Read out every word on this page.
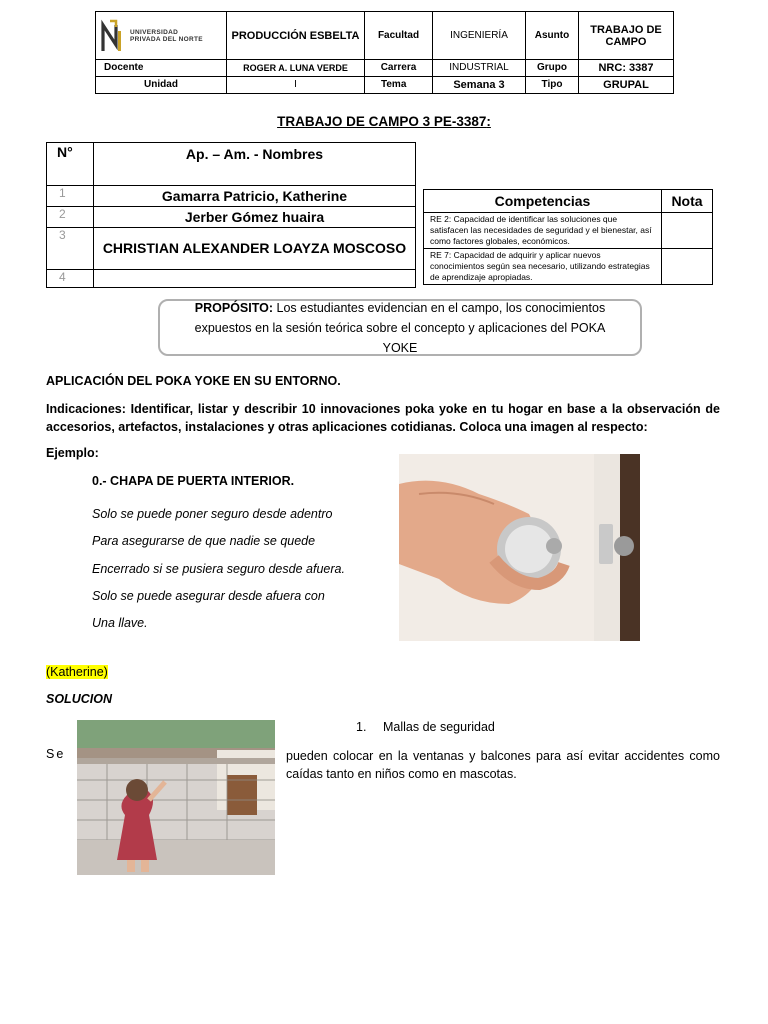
UNIVERSIDAD
PRIVADA DEL NORTE	PRODUCCIÓN ESBELTA	Facultad	INGENIERÍA	Asunto	TRABAJO DE CAMPO
Docente	ROGER A. LUNA VERDE	Carrera	INDUSTRIAL	Grupo	NRC: 3387
Unidad	I	Tema	Semana 3	Tipo	GRUPAL
TRABAJO DE CAMPO 3 PE-3387:
N°	Ap. – Am. - Nombres
1	Gamarra Patricio, Katherine
2	Jerber Gómez huaira
3	CHRISTIAN ALEXANDER LOAYZA MOSCOSO
4	
Competencias	Nota
RE 2: Capacidad de identificar las soluciones que satisfacen las necesidades de seguridad y el bienestar, así como factores globales, económicos.	
RE 7: Capacidad de adquirir y aplicar nuevos conocimientos según sea necesario, utilizando estrategias de aprendizaje apropiadas.	
PROPÓSITO: Los estudiantes evidencian en el campo, los conocimientos expuestos en la sesión teórica sobre el concepto y aplicaciones del POKA YOKE
APLICACIÓN DEL POKA YOKE EN SU ENTORNO.
Indicaciones: Identificar, listar y describir 10 innovaciones poka yoke en tu hogar en base a la observación de accesorios, artefactos, instalaciones y otras aplicaciones cotidianas. Coloca una imagen al respecto:
Ejemplo:
0.- CHAPA DE PUERTA INTERIOR.
Solo se puede poner seguro desde adentro
Para asegurarse de que nadie se quede
Encerrado si se pusiera seguro desde afuera.
Solo se puede asegurar desde afuera con
Una llave.
(Katherine)
SOLUCION
1. Mallas de seguridad
Se	pueden colocar en la ventanas y balcones para así evitar accidentes como caídas tanto en niños como en mascotas.
